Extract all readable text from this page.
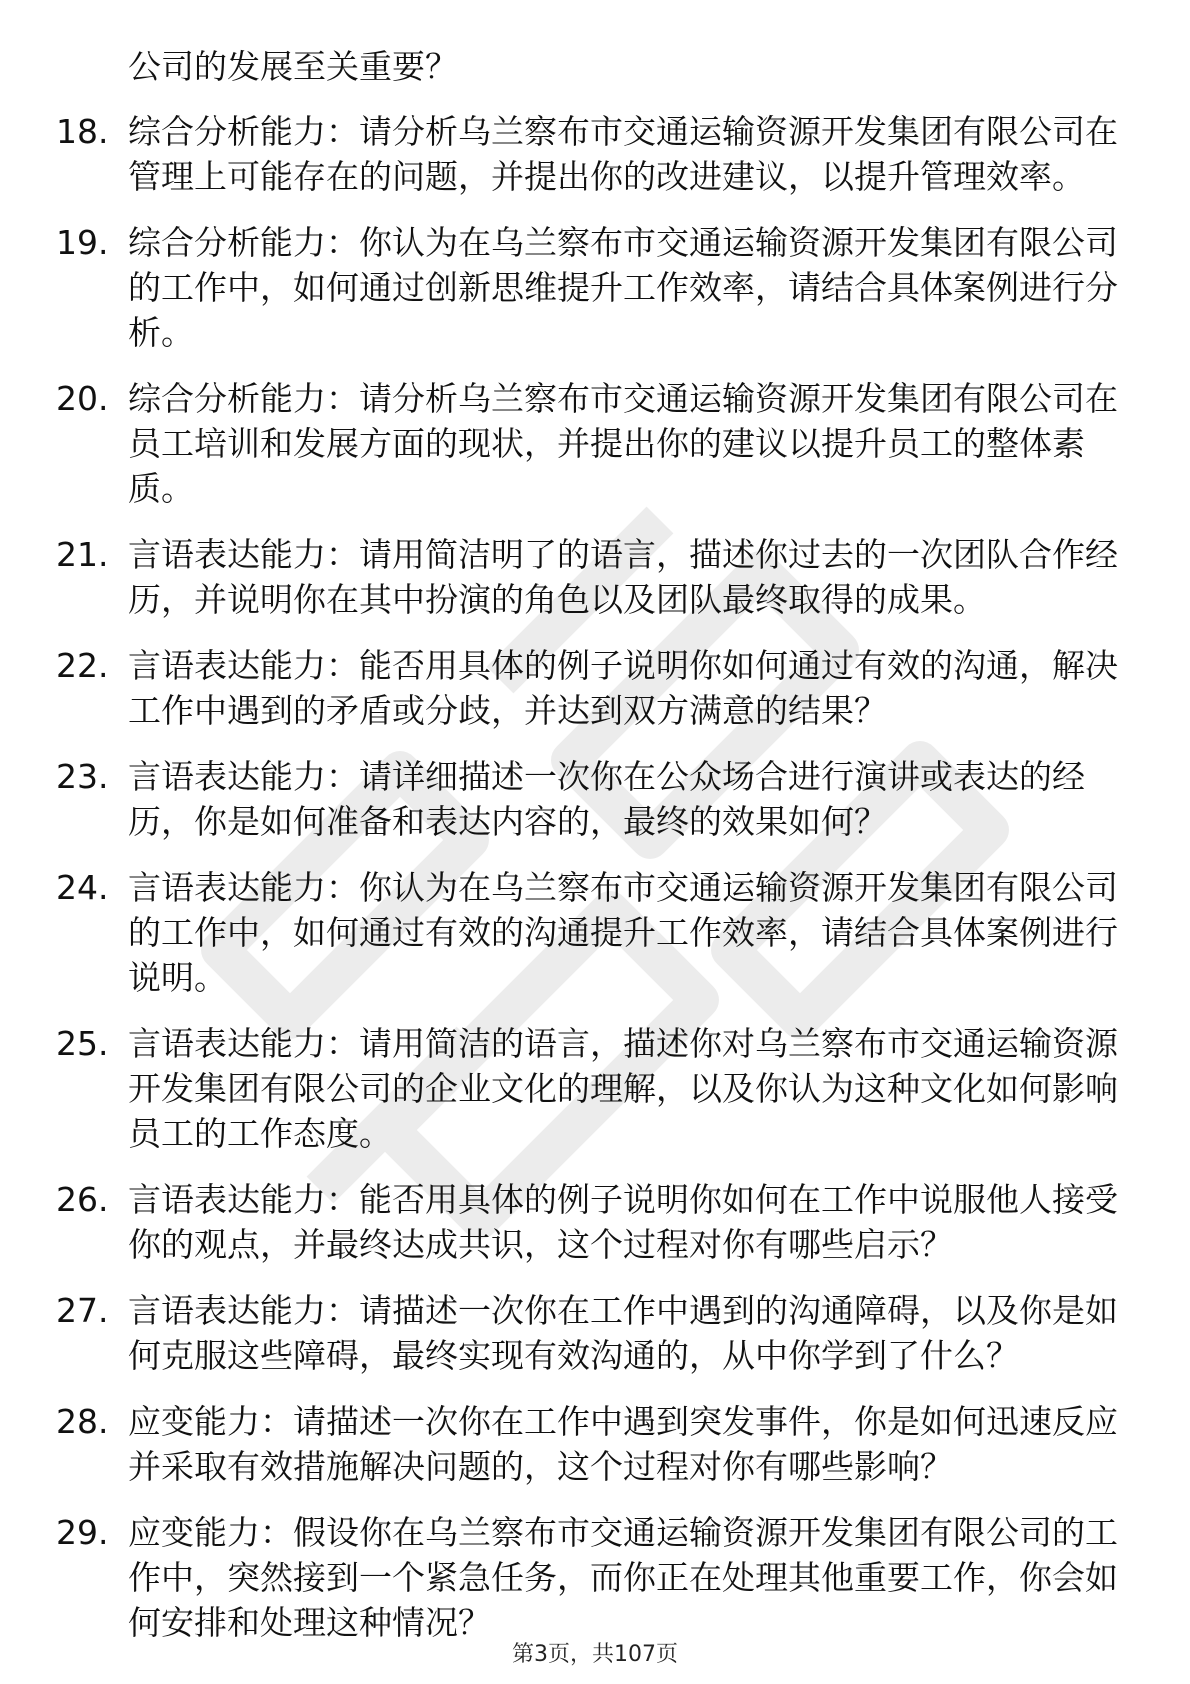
公司的发展至关重要？
18. 综合分析能力：请分析乌兰察布市交通运输资源开发集团有限公司在管理上可能存在的问题，并提出你的改进建议，以提升管理效率。
19. 综合分析能力：你认为在乌兰察布市交通运输资源开发集团有限公司的工作中，如何通过创新思维提升工作效率，请结合具体案例进行分析。
20. 综合分析能力：请分析乌兰察布市交通运输资源开发集团有限公司在员工培训和发展方面的现状，并提出你的建议以提升员工的整体素质。
21. 言语表达能力：请用简洁明了的语言，描述你过去的一次团队合作经历，并说明你在其中扮演的角色以及团队最终取得的成果。
22. 言语表达能力：能否用具体的例子说明你如何通过有效的沟通，解决工作中遇到的矛盾或分歧，并达到双方满意的结果？
23. 言语表达能力：请详细描述一次你在公众场合进行演讲或表达的经历，你是如何准备和表达内容的，最终的效果如何？
24. 言语表达能力：你认为在乌兰察布市交通运输资源开发集团有限公司的工作中，如何通过有效的沟通提升工作效率，请结合具体案例进行说明。
25. 言语表达能力：请用简洁的语言，描述你对乌兰察布市交通运输资源开发集团有限公司的企业文化的理解，以及你认为这种文化如何影响员工的工作态度。
26. 言语表达能力：能否用具体的例子说明你如何在工作中说服他人接受你的观点，并最终达成共识，这个过程对你有哪些启示？
27. 言语表达能力：请描述一次你在工作中遇到的沟通障碍，以及你是如何克服这些障碍，最终实现有效沟通的，从中你学到了什么？
28. 应变能力：请描述一次你在工作中遇到突发事件，你是如何迅速反应并采取有效措施解决问题的，这个过程对你有哪些影响？
29. 应变能力：假设你在乌兰察布市交通运输资源开发集团有限公司的工作中，突然接到一个紧急任务，而你正在处理其他重要工作，你会如何安排和处理这种情况？
第3页，共107页
